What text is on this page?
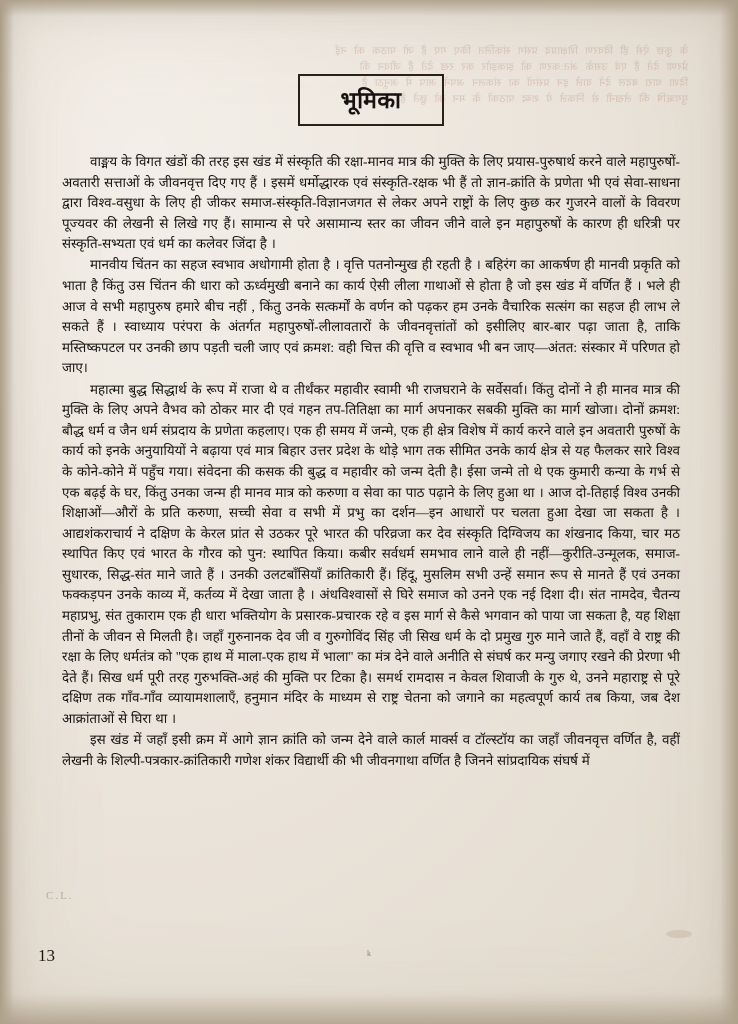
के कुछ ऐसे ही विवरण शिक्षाप्रद प्रसंग संकलित किए गए हैं जो पाठक को नई
प्रेरणा देते हैं एवं उसके अंत:करण को झकझोर कर रख देते हैं जीवन की
दिशा धारा बदल देने वाले इन प्रसंगों का संकलन अपने आप में अनूठा है
युगऋषि की लेखनी से निकले ये शब्द पाठकों के मन को छूते हैं
भूमिका

वाङ्मय के विगत खंडों की तरह इस खंड में संस्कृति की रक्षा-मानव मात्र की मुक्ति के लिए प्रयास-पुरुषार्थ करने वाले महापुरुषों-अवतारी सत्ताओं के जीवनवृत्त दिए गए हैं । इसमें धर्मोद्धारक एवं संस्कृति-रक्षक भी हैं तो ज्ञान-क्रांति के प्रणेता भी एवं सेवा-साधना द्वारा विश्व-वसुधा के लिए ही जीकर समाज-संस्कृति-विज्ञानजगत से लेकर अपने राष्ट्रों के लिए कुछ कर गुजरने वालों के विवरण पूज्यवर की लेखनी से लिखे गए हैं। सामान्य से परे असामान्य स्तर का जीवन जीने वाले इन महापुरुषों के कारण ही धरित्री पर संस्कृति-सभ्यता एवं धर्म का कलेवर जिंदा है ।

मानवीय चिंतन का सहज स्वभाव अधोगामी होता है । वृत्ति पतनोन्मुख ही रहती है । बहिरंग का आकर्षण ही मानवी प्रकृति को भाता है किंतु उस चिंतन की धारा को ऊर्ध्वमुखी बनाने का कार्य ऐसी लीला गाथाओं से होता है जो इस खंड में वर्णित हैं । भले ही आज वे सभी महापुरुष हमारे बीच नहीं , किंतु उनके सत्कर्मों के वर्णन को पढ़कर हम उनके वैचारिक सत्संग का सहज ही लाभ ले सकते हैं । स्वाध्याय परंपरा के अंतर्गत महापुरुषों-लीलावतारों के जीवनवृत्तांतों को इसीलिए बार-बार पढ़ा जाता है, ताकि मस्तिष्कपटल पर उनकी छाप पड़ती चली जाए एवं क्रमश: वही चित्त की वृत्ति व स्वभाव भी बन जाए—अंतत: संस्कार में परिणत हो जाए।

महात्मा बुद्ध सिद्धार्थ के रूप में राजा थे व तीर्थंकर महावीर स्वामी भी राजघराने के सर्वेसर्वा। किंतु दोनों ने ही मानव मात्र की मुक्ति के लिए अपने वैभव को ठोकर मार दी एवं गहन तप-तितिक्षा का मार्ग अपनाकर सबकी मुक्ति का मार्ग खोजा। दोनों क्रमश: बौद्ध धर्म व जैन धर्म संप्रदाय के प्रणेता कहलाए। एक ही समय में जन्मे, एक ही क्षेत्र विशेष में कार्य करने वाले इन अवतारी पुरुषों के कार्य को इनके अनुयायियों ने बढ़ाया एवं मात्र बिहार उत्तर प्रदेश के थोड़े भाग तक सीमित उनके कार्य क्षेत्र से यह फैलकर सारे विश्व के कोने-कोने में पहुँच गया। संवेदना की कसक की बुद्ध व महावीर को जन्म देती है। ईसा जन्मे तो थे एक कुमारी कन्या के गर्भ से एक बढ़ई के घर, किंतु उनका जन्म ही मानव मात्र को करुणा व सेवा का पाठ पढ़ाने के लिए हुआ था । आज दो-तिहाई विश्व उनकी शिक्षाओं—औरों के प्रति करुणा, सच्ची सेवा व सभी में प्रभु का दर्शन—इन आधारों पर चलता हुआ देखा जा सकता है । आद्यशंकराचार्य ने दक्षिण के केरल प्रांत से उठकर पूरे भारत की परिव्रजा कर देव संस्कृति दिग्विजय का शंखनाद किया, चार मठ स्थापित किए एवं भारत के गौरव को पुन: स्थापित किया। कबीर सर्वधर्म समभाव लाने वाले ही नहीं—कुरीति-उन्मूलक, समाज-सुधारक, सिद्ध-संत माने जाते हैं । उनकी उलटबाँसियाँ क्रांतिकारी हैं। हिंदू, मुसलिम सभी उन्हें समान रूप से मानते हैं एवं उनका फक्कड़पन उनके काव्य में, कर्तव्य में देखा जाता है । अंधविश्वासों से घिरे समाज को उनने एक नई दिशा दी। संत नामदेव, चैतन्य महाप्रभु, संत तुकाराम एक ही धारा भक्तियोग के प्रसारक-प्रचारक रहे व इस मार्ग से कैसे भगवान को पाया जा सकता है, यह शिक्षा तीनों के जीवन से मिलती है। जहाँ गुरुनानक देव जी व गुरुगोविंद सिंह जी सिख धर्म के दो प्रमुख गुरु माने जाते हैं, वहाँ वे राष्ट्र की रक्षा के लिए धर्मतंत्र को ''एक हाथ में माला-एक हाथ में भाला'' का मंत्र देने वाले अनीति से संघर्ष कर मन्यु जगाए रखने की प्रेरणा भी देते हैं। सिख धर्म पूरी तरह गुरुभक्ति-अहं की मुक्ति पर टिका है। समर्थ रामदास न केवल शिवाजी के गुरु थे, उनने महाराष्ट्र से पूरे दक्षिण तक गाँव-गाँव व्यायामशालाएँ, हनुमान मंदिर के माध्यम से राष्ट्र चेतना को जगाने का महत्वपूर्ण कार्य तब किया, जब देश आक्रांताओं से घिरा था ।

इस खंड में जहाँ इसी क्रम में आगे ज्ञान क्रांति को जन्म देने वाले कार्ल मार्क्स व टॉल्स्टॉय का जहाँ जीवनवृत्त वर्णित है, वहीं लेखनी के शिल्पी-पत्रकार-क्रांतिकारी गणेश शंकर विद्यार्थी की भी जीवनगाथा वर्णित है जिनने सांप्रदायिक संघर्ष में

C.L.
13	k
